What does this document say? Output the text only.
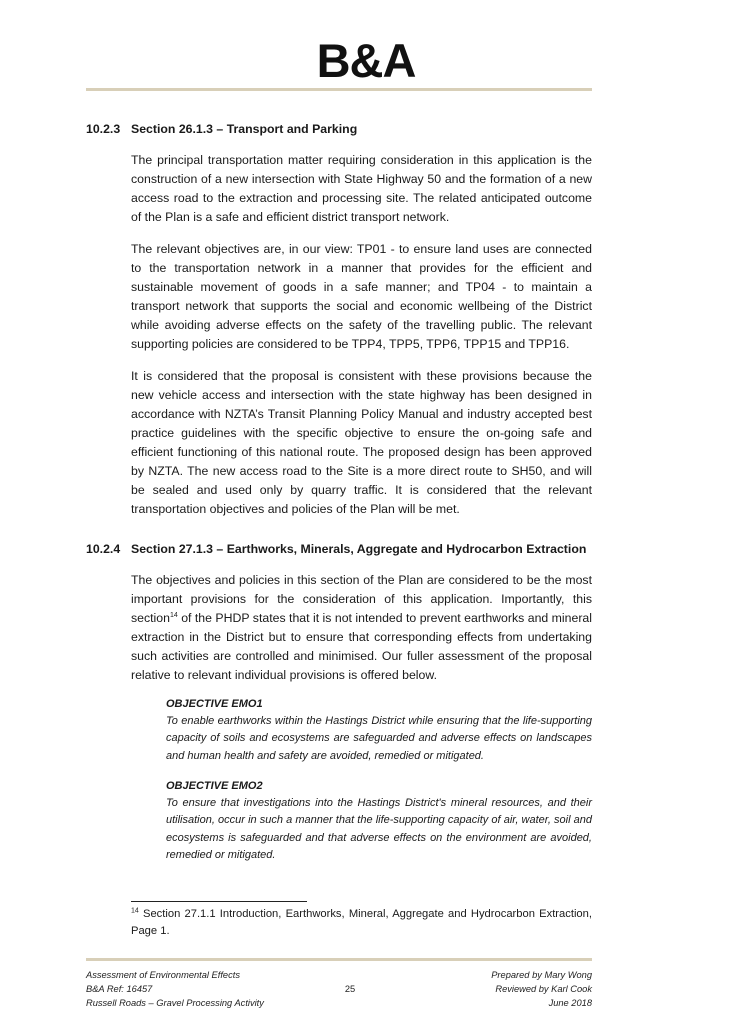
B&A
10.2.3 Section 26.1.3 – Transport and Parking
The principal transportation matter requiring consideration in this application is the construction of a new intersection with State Highway 50 and the formation of a new access road to the extraction and processing site. The related anticipated outcome of the Plan is a safe and efficient district transport network.
The relevant objectives are, in our view: TP01 - to ensure land uses are connected to the transportation network in a manner that provides for the efficient and sustainable movement of goods in a safe manner; and TP04 - to maintain a transport network that supports the social and economic wellbeing of the District while avoiding adverse effects on the safety of the travelling public. The relevant supporting policies are considered to be TPP4, TPP5, TPP6, TPP15 and TPP16.
It is considered that the proposal is consistent with these provisions because the new vehicle access and intersection with the state highway has been designed in accordance with NZTA’s Transit Planning Policy Manual and industry accepted best practice guidelines with the specific objective to ensure the on-going safe and efficient functioning of this national route. The proposed design has been approved by NZTA. The new access road to the Site is a more direct route to SH50, and will be sealed and used only by quarry traffic. It is considered that the relevant transportation objectives and policies of the Plan will be met.
10.2.4 Section 27.1.3 – Earthworks, Minerals, Aggregate and Hydrocarbon Extraction
The objectives and policies in this section of the Plan are considered to be the most important provisions for the consideration of this application. Importantly, this section$^{14}$ of the PHDP states that it is not intended to prevent earthworks and mineral extraction in the District but to ensure that corresponding effects from undertaking such activities are controlled and minimised. Our fuller assessment of the proposal relative to relevant individual provisions is offered below.
OBJECTIVE EMO1
To enable earthworks within the Hastings District while ensuring that the life-supporting capacity of soils and ecosystems are safeguarded and adverse effects on landscapes and human health and safety are avoided, remedied or mitigated.
OBJECTIVE EMO2
To ensure that investigations into the Hastings District's mineral resources, and their utilisation, occur in such a manner that the life-supporting capacity of air, water, soil and ecosystems is safeguarded and that adverse effects on the environment are avoided, remedied or mitigated.
$^{14}$ Section 27.1.1 Introduction, Earthworks, Mineral, Aggregate and Hydrocarbon Extraction, Page 1.
Assessment of Environmental Effects
B&A Ref: 16457
Russell Roads – Gravel Processing Activity
25
Prepared by Mary Wong
Reviewed by Karl Cook
June 2018
